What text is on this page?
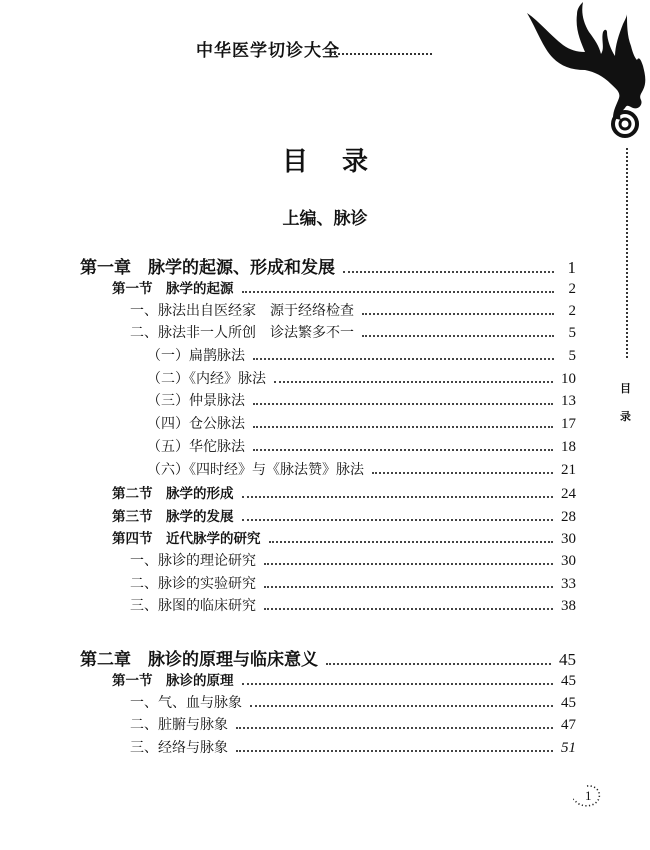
中华医学切诊大全
目
录
目录
上编、脉诊
第一章　脉学的起源、形成和发展	1
第一节　脉学的起源	2
一、脉法出自医经家　源于经络检查	2
二、脉法非一人所创　诊法繁多不一	5
（一）扁鹊脉法	5
（二）《内经》脉法	10
（三）仲景脉法	13
（四）仓公脉法	17
（五）华佗脉法	18
（六）《四时经》与《脉法赞》脉法	21
第二节　脉学的形成	24
第三节　脉学的发展	28
第四节　近代脉学的研究	30
一、脉诊的理论研究	30
二、脉诊的实验研究	33
三、脉图的临床研究	38
第二章　脉诊的原理与临床意义	45
第一节　脉诊的原理	45
一、气、血与脉象	45
二、脏腑与脉象	47
三、经络与脉象	51
1
